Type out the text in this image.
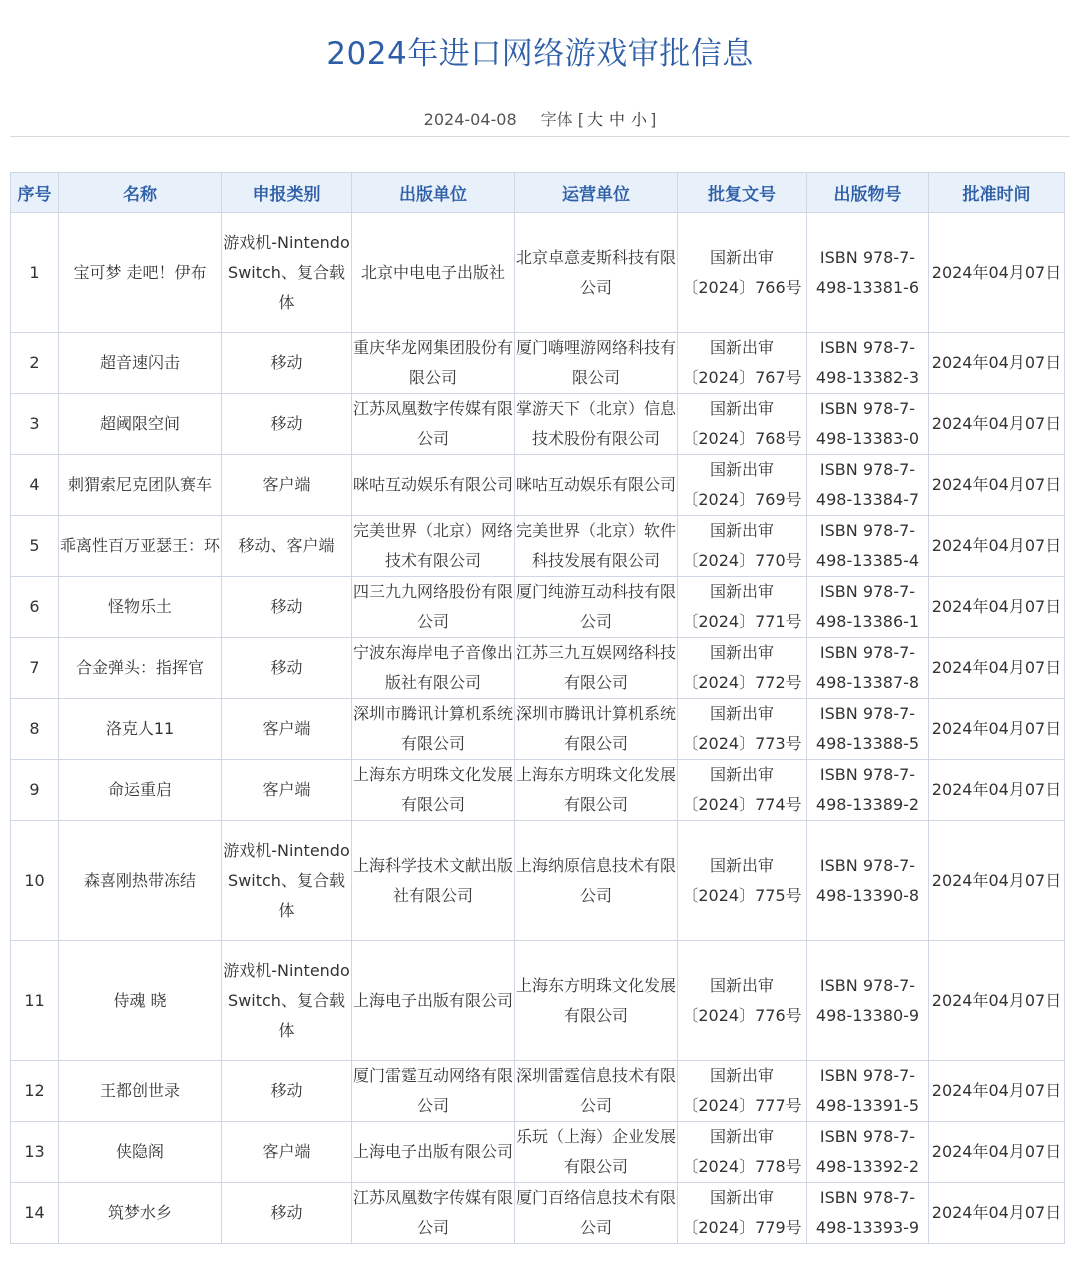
2024年进口网络游戏审批信息
2024-04-08 字体 [ 大 中 小 ]
序号	名称	申报类别	出版单位	运营单位	批复文号	出版物号	批准时间
1	宝可梦 走吧！伊布	游戏机-Nintendo Switch、复合载体	北京中电电子出版社	北京卓意麦斯科技有限公司	国新出审〔2024〕766号	ISBN 978-7-498-13381-6	2024年04月07日
2	超音速闪击	移动	重庆华龙网集团股份有限公司	厦门嗨哩游网络科技有限公司	国新出审〔2024〕767号	ISBN 978-7-498-13382-3	2024年04月07日
3	超阈限空间	移动	江苏凤凰数字传媒有限公司	掌游天下（北京）信息技术股份有限公司	国新出审〔2024〕768号	ISBN 978-7-498-13383-0	2024年04月07日
4	刺猬索尼克团队赛车	客户端	咪咕互动娱乐有限公司	咪咕互动娱乐有限公司	国新出审〔2024〕769号	ISBN 978-7-498-13384-7	2024年04月07日
5	乖离性百万亚瑟王：环	移动、客户端	完美世界（北京）网络技术有限公司	完美世界（北京）软件科技发展有限公司	国新出审〔2024〕770号	ISBN 978-7-498-13385-4	2024年04月07日
6	怪物乐土	移动	四三九九网络股份有限公司	厦门纯游互动科技有限公司	国新出审〔2024〕771号	ISBN 978-7-498-13386-1	2024年04月07日
7	合金弹头：指挥官	移动	宁波东海岸电子音像出版社有限公司	江苏三九互娱网络科技有限公司	国新出审〔2024〕772号	ISBN 978-7-498-13387-8	2024年04月07日
8	洛克人11	客户端	深圳市腾讯计算机系统有限公司	深圳市腾讯计算机系统有限公司	国新出审〔2024〕773号	ISBN 978-7-498-13388-5	2024年04月07日
9	命运重启	客户端	上海东方明珠文化发展有限公司	上海东方明珠文化发展有限公司	国新出审〔2024〕774号	ISBN 978-7-498-13389-2	2024年04月07日
10	森喜刚热带冻结	游戏机-Nintendo Switch、复合载体	上海科学技术文献出版社有限公司	上海纳原信息技术有限公司	国新出审〔2024〕775号	ISBN 978-7-498-13390-8	2024年04月07日
11	侍魂 晓	游戏机-Nintendo Switch、复合载体	上海电子出版有限公司	上海东方明珠文化发展有限公司	国新出审〔2024〕776号	ISBN 978-7-498-13380-9	2024年04月07日
12	王都创世录	移动	厦门雷霆互动网络有限公司	深圳雷霆信息技术有限公司	国新出审〔2024〕777号	ISBN 978-7-498-13391-5	2024年04月07日
13	侠隐阁	客户端	上海电子出版有限公司	乐玩（上海）企业发展有限公司	国新出审〔2024〕778号	ISBN 978-7-498-13392-2	2024年04月07日
14	筑梦水乡	移动	江苏凤凰数字传媒有限公司	厦门百络信息技术有限公司	国新出审〔2024〕779号	ISBN 978-7-498-13393-9	2024年04月07日
